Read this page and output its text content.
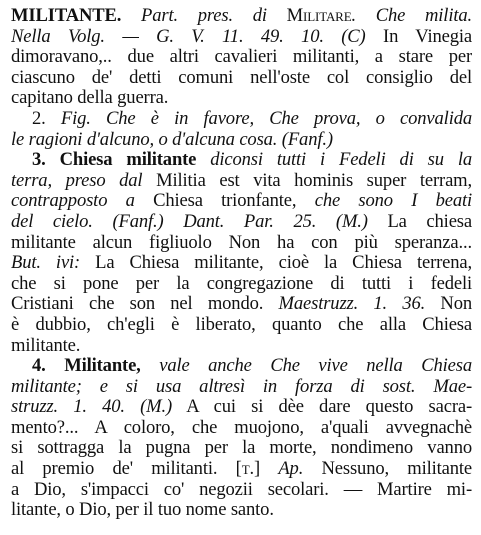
MILITANTE. Part. pres. di Militare. Che milita.
Nella Volg. — G. V. 11. 49. 10. (C) In Vinegia
dimoravano,.. due altri cavalieri militanti, a stare per
ciascuno de' detti comuni nell'oste col consiglio del
capitano della guerra.
2. Fig. Che è in favore, Che prova, o convalida
le ragioni d'alcuno, o d'alcuna cosa. (Fanf.)
3. Chiesa militante diconsi tutti i Fedeli di su la
terra, preso dal Militia est vita hominis super terram,
contrapposto a Chiesa trionfante, che sono I beati
del cielo. (Fanf.) Dant. Par. 25. (M.) La chiesa
militante alcun figliuolo Non ha con più speranza...
But. ivi: La Chiesa militante, cioè la Chiesa terrena,
che si pone per la congregazione di tutti i fedeli
Cristiani che son nel mondo. Maestruzz. 1. 36. Non
è dubbio, ch'egli è liberato, quanto che alla Chiesa
militante.
4. Militante, vale anche Che vive nella Chiesa
militante; e si usa altresì in forza di sost. Mae-
struzz. 1. 40. (M.) A cui si dèe dare questo sacra-
mento?... A coloro, che muojono, a'quali avvegnachè
si sottragga la pugna per la morte, nondimeno vanno
al premio de' militanti. [t.] Ap. Nessuno, militante
a Dio, s'impacci co' negozii secolari. — Martire mi-
litante, o Dio, per il tuo nome santo.
